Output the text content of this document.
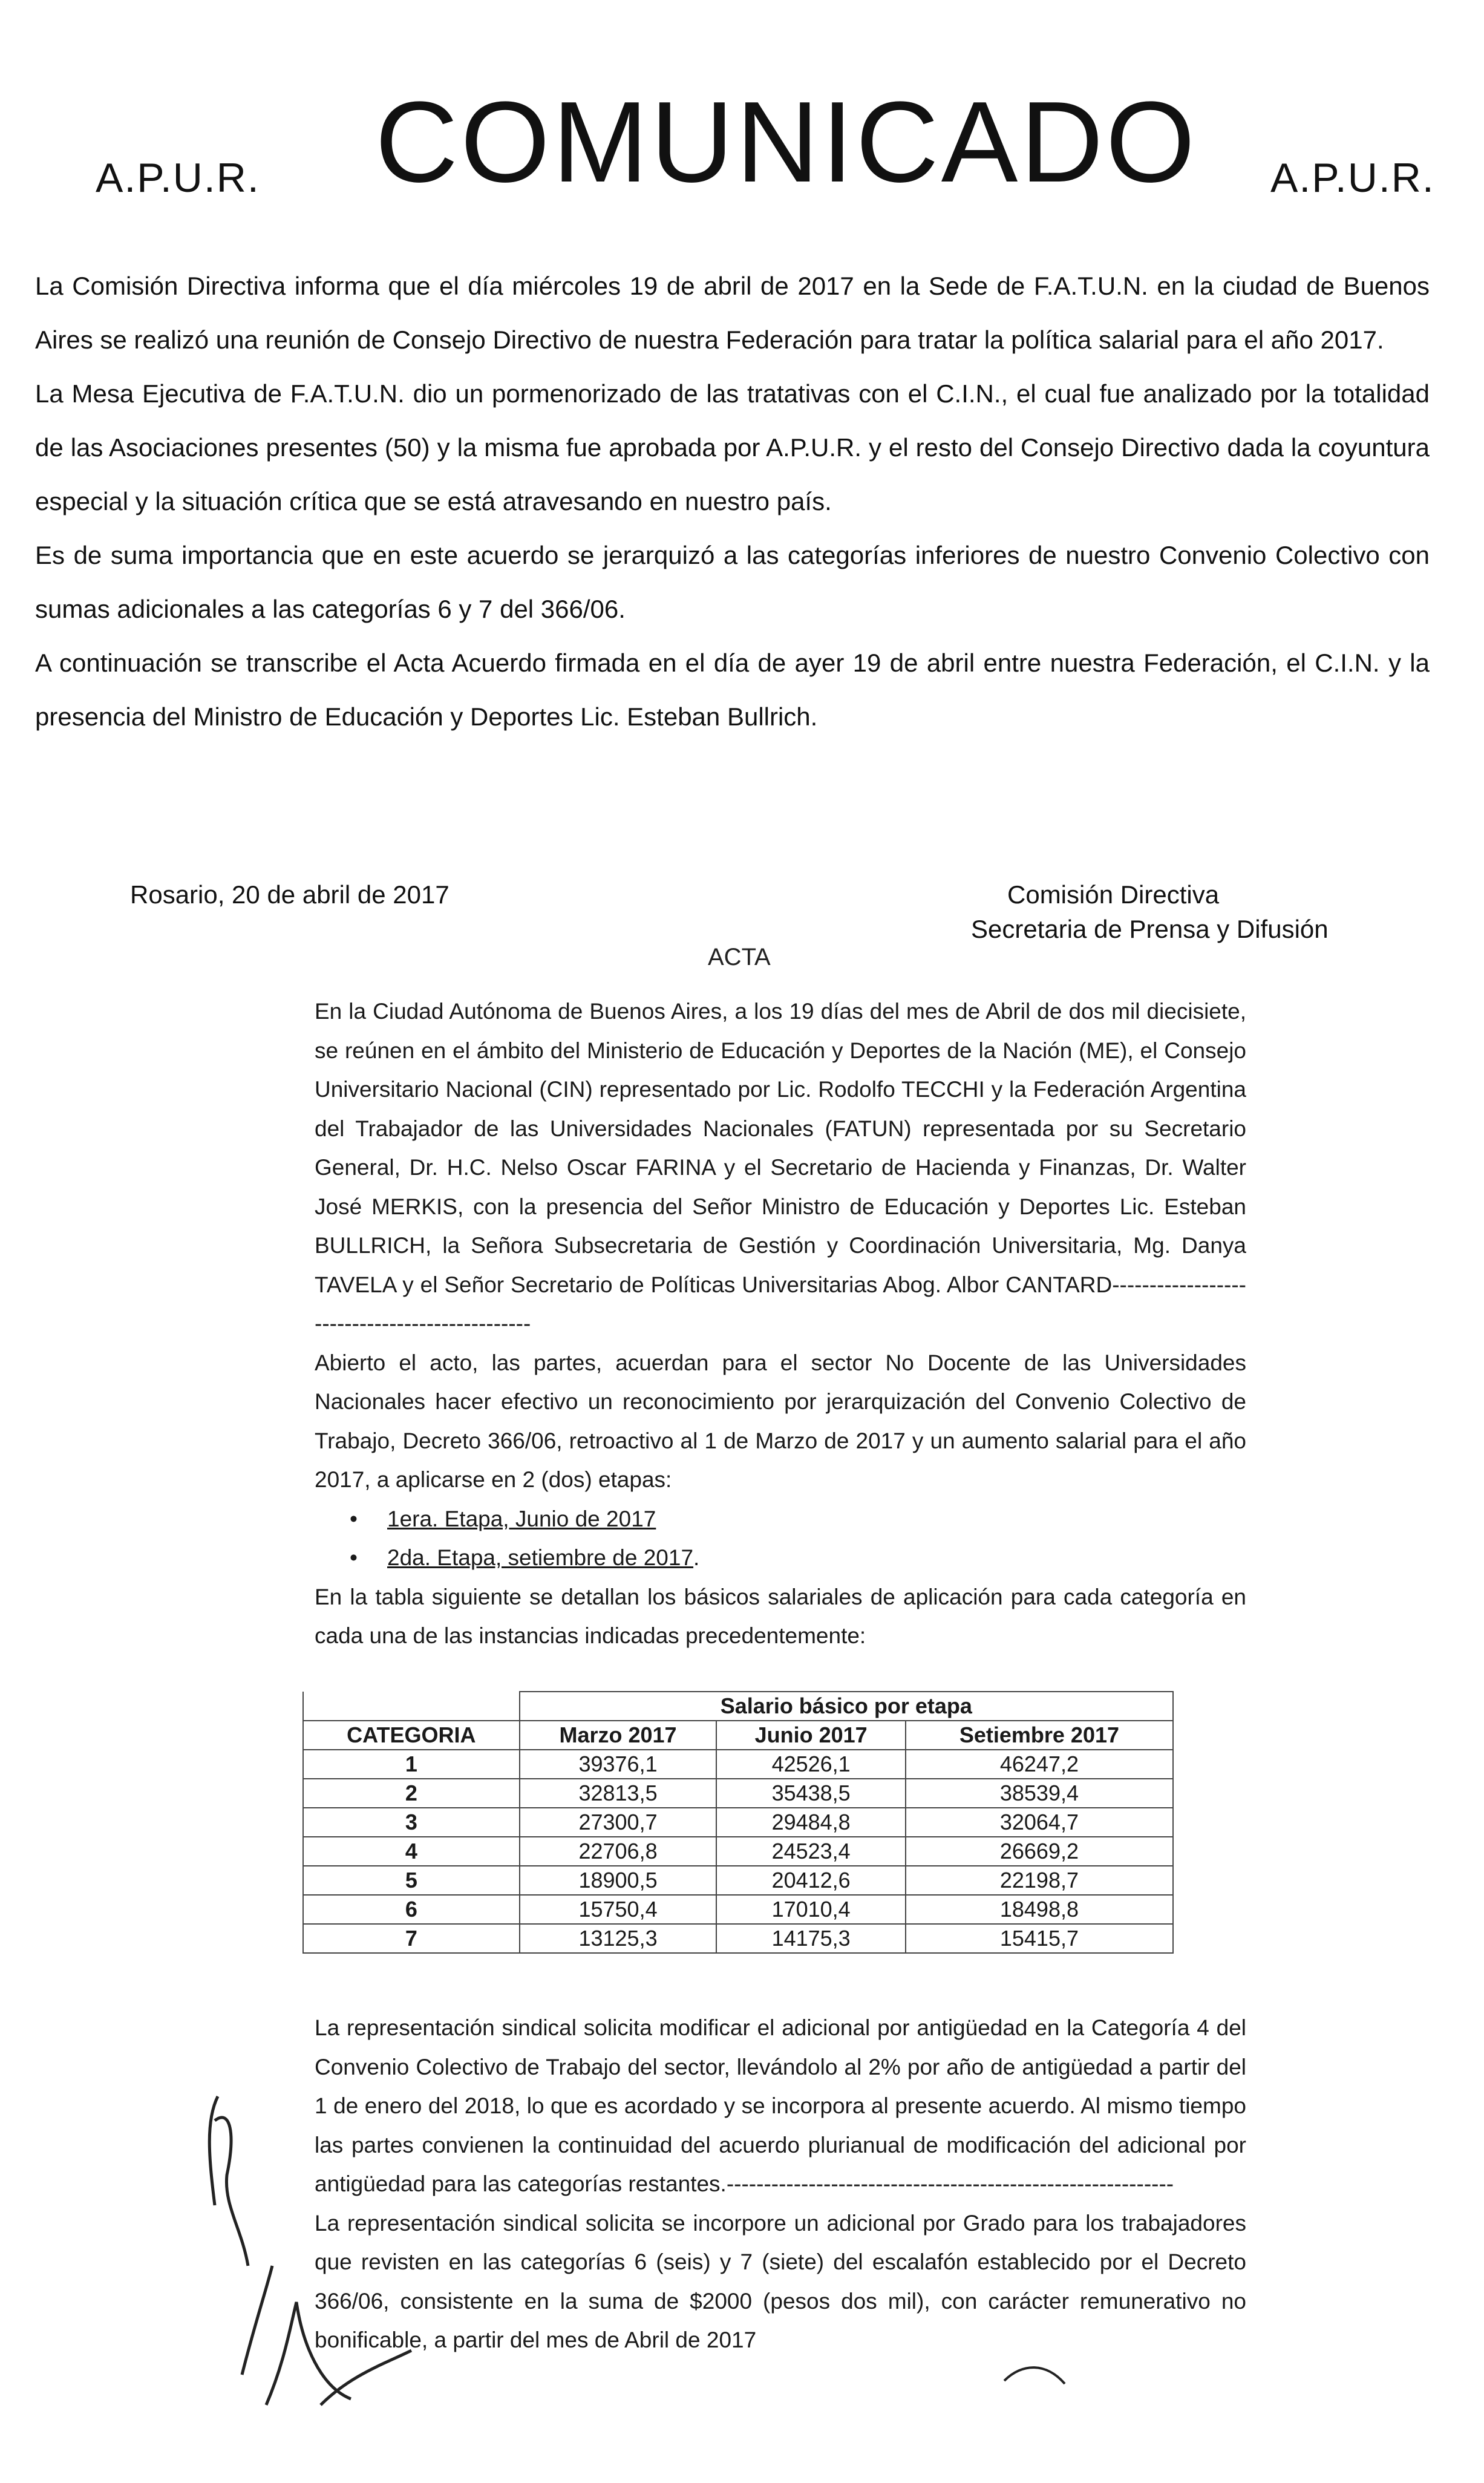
A.P.U.R. COMUNICADO A.P.U.R.

La Comisión Directiva informa que el día miércoles 19 de abril de 2017 en la Sede de F.A.T.U.N. en la ciudad de Buenos Aires se realizó una reunión de Consejo Directivo de nuestra Federación para tratar la política salarial para el año 2017.

La Mesa Ejecutiva de F.A.T.U.N. dio un pormenorizado de las tratativas con el C.I.N., el cual fue analizado por la totalidad de las Asociaciones presentes (50) y la misma fue aprobada por A.P.U.R. y el resto del Consejo Directivo dada la coyuntura especial y la situación crítica que se está atravesando en nuestro país.

Es de suma importancia que en este acuerdo se jerarquizó a las categorías inferiores de nuestro Convenio Colectivo con sumas adicionales a las categorías 6 y 7 del 366/06.

A continuación se transcribe el Acta Acuerdo firmada en el día de ayer 19 de abril entre nuestra Federación, el C.I.N. y la presencia del Ministro de Educación y Deportes Lic. Esteban Bullrich.

Rosario, 20 de abril de 2017	Comisión Directiva
Secretaria de Prensa y Difusión
ACTA

En la Ciudad Autónoma de Buenos Aires, a los 19 días del mes de Abril de dos mil diecisiete, se reúnen en el ámbito del Ministerio de Educación y Deportes de la Nación (ME), el Consejo Universitario Nacional (CIN) representado por Lic. Rodolfo TECCHI y la Federación Argentina del Trabajador de las Universidades Nacionales (FATUN) representada por su Secretario General, Dr. H.C. Nelso Oscar FARINA y el Secretario de Hacienda y Finanzas, Dr. Walter José MERKIS, con la presencia del Señor Ministro de Educación y Deportes Lic. Esteban BULLRICH, la Señora Subsecretaria de Gestión y Coordinación Universitaria, Mg. Danya TAVELA y el Señor Secretario de Políticas Universitarias Abog. Albor CANTARD-----------------------------------------------

Abierto el acto, las partes, acuerdan para el sector No Docente de las Universidades Nacionales hacer efectivo un reconocimiento por jerarquización del Convenio Colectivo de Trabajo, Decreto 366/06, retroactivo al 1 de Marzo de 2017 y un aumento salarial para el año 2017, a aplicarse en 2 (dos) etapas:

• 1era. Etapa, Junio de 2017
• 2da. Etapa, setiembre de 2017.

En la tabla siguiente se detallan los básicos salariales de aplicación para cada categoría en cada una de las instancias indicadas precedentemente:

	Salario básico por etapa		
CATEGORIA	Marzo 2017	Junio 2017	Setiembre 2017
1	39376,1	42526,1	46247,2
2	32813,5	35438,5	38539,4
3	27300,7	29484,8	32064,7
4	22706,8	24523,4	26669,2
5	18900,5	20412,6	22198,7
6	15750,4	17010,4	18498,8
7	13125,3	14175,3	15415,7

La representación sindical solicita modificar el adicional por antigüedad en la Categoría 4 del Convenio Colectivo de Trabajo del sector, llevándolo al 2% por año de antigüedad a partir del 1 de enero del 2018, lo que es acordado y se incorpora al presente acuerdo. Al mismo tiempo las partes convienen la continuidad del acuerdo plurianual de modificación del adicional por antigüedad para las categorías restantes.------------------------------------------------------------

La representación sindical solicita se incorpore un adicional por Grado para los trabajadores que revisten en las categorías 6 (seis) y 7 (siete) del escalafón establecido por el Decreto 366/06, consistente en la suma de $2000 (pesos dos mil), con carácter remunerativo no bonificable, a partir del mes de Abril de 2017
